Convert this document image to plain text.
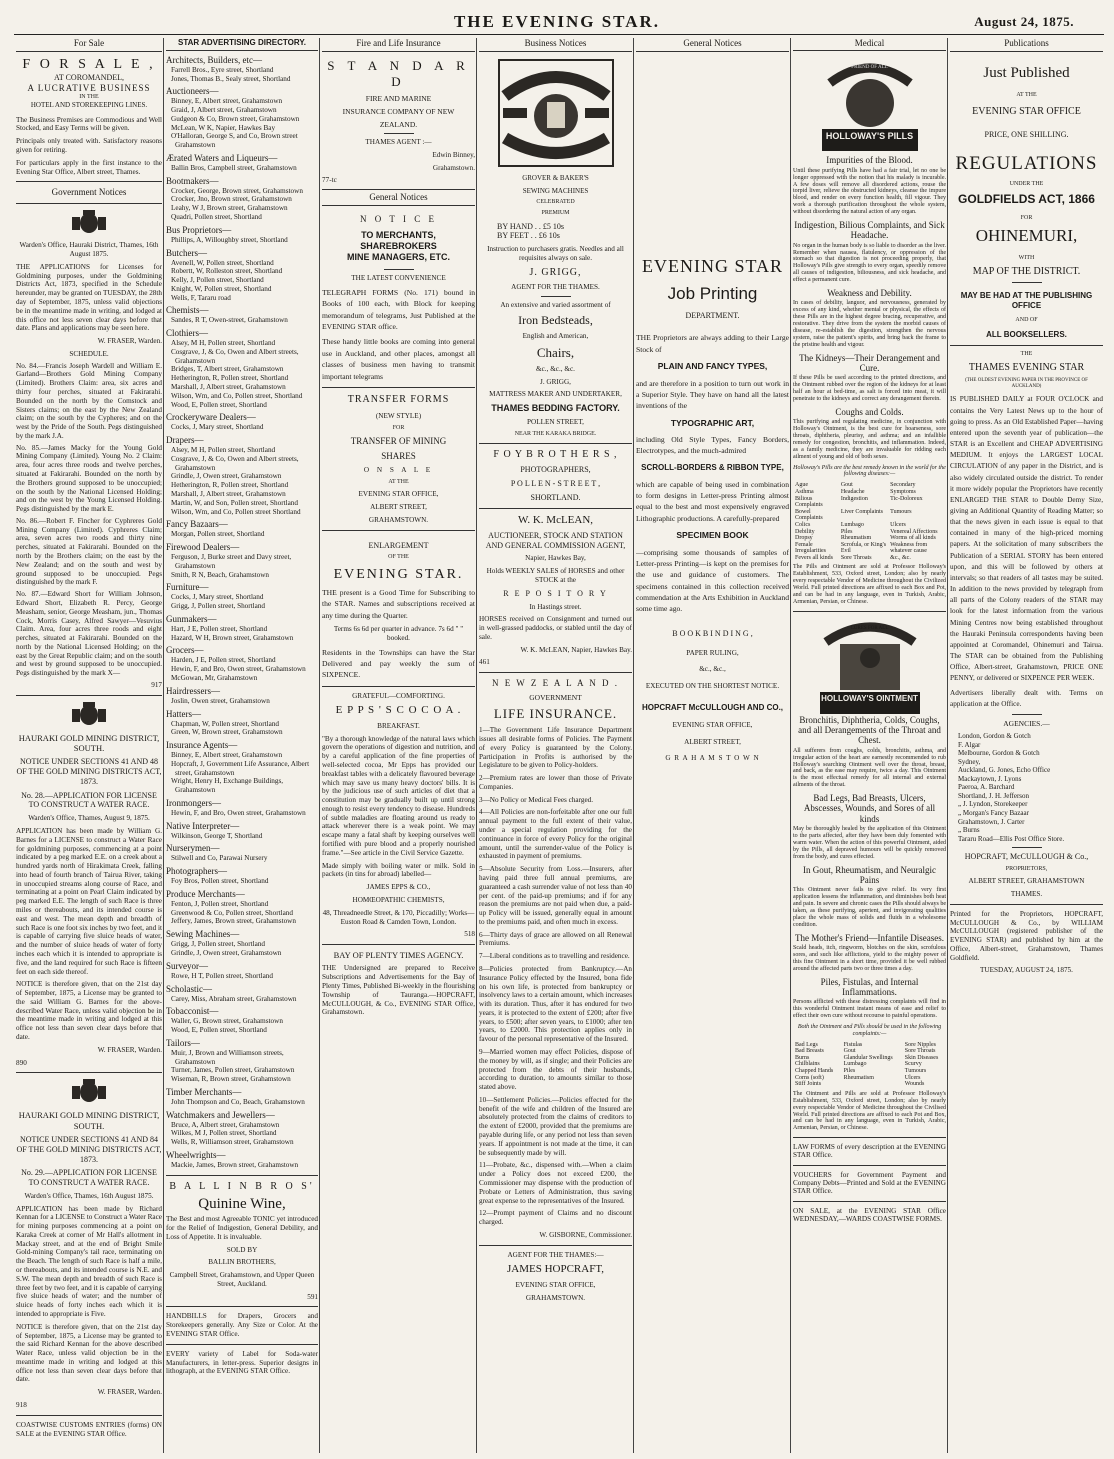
THE EVENING STAR.	August 24, 1875.
For Sale
F O R S A L E ,
AT COROMANDEL,
A LUCRATIVE BUSINESS
IN THE
HOTEL AND STOREKEEPING LINES.

The Business Premises are Commodious and Well Stocked, and Easy Terms will be given.

Principals only treated with. Satisfactory reasons given for retiring.

For particulars apply in the first instance to the Evening Star Office, Albert street, Thames.

Government Notices

Warden's Office, Hauraki District, Thames, 16th August 1875.

THE APPLICATIONS for Licenses for Goldmining purposes, under the Goldmining Districts Act, 1873, specified in the Schedule hereunder, may be granted on TUESDAY, the 28th day of September, 1875, unless valid objections be in the meantime made in writing, and lodged at this office not less seven clear days before that date. Plans and applications may be seen here.

W. FRASER, Warden.

SCHEDULE.

No. 84.—Francis Joseph Wardell and William E. Garland—Brothers Gold Mining Company (Limited). Brothers Claim: area, six acres and thirty four perches, situated at Fakirarahi. Bounded on the north by the Comstock and Sisters claims; on the east by the New Zealand claim; on the south by the Cypheres; and on the west by the Pride of the South. Pegs distinguished by the mark J.A.

No. 85.—James Macky for the Young Gold Mining Company (Limited). Young No. 2 Claim: area, four acres three roods and twelve perches, situated at Fakirarahi. Bounded on the north by the Brothers ground supposed to be unoccupied; on the south by the National Licensed Holding; and on the west by the Young Licensed Holding. Pegs distinguished by the mark E.

No. 86.—Robert F. Fincher for Cyphreres Gold Mining Company (Limited). Cyphreres Claim; area, seven acres two roods and thirty nine perches, situated at Fakirarahi. Bounded on the north by the Brothers claim; on the east by the New Zealand; and on the south and west by ground supposed to be unoccupied. Pegs distinguished by the mark F.

No. 87.—Edward Short for William Johnson, Edward Short, Elizabeth R. Percy, George Measham, senior, George Measham, jun., Thomas Cock, Morris Casey, Alfred Sawyer—Vesuvius Claim. Area, four acres three roods and eight perches, situated at Fakirarahi. Bounded on the north by the National Licensed Holding; on the east by the Great Republic claim; and on the south and west by ground supposed to be unoccupied. Pegs distinguished by the mark X—

917

HAURAKI GOLD MINING DISTRICT, SOUTH.

NOTICE UNDER SECTIONS 41 AND 48 OF THE GOLD MINING DISTRICTS ACT, 1873.

No. 28.—APPLICATION FOR LICENSE TO CONSTRUCT A WATER RACE.

Warden's Office, Thames, August 9, 1875.

APPLICATION has been made by William G. Barnes for a LICENSE to construct a Water Race for goldmining purposes, commencing at a point indicated by a peg marked E.E. on a creek about a hundred yards north of Hirakimata Creek, falling into head of fourth branch of Tairua River, taking in unoccupied streams along course of Race, and terminating at a point on Pearl Claim indicated by peg marked E.E. The length of such Race is three miles or thereabouts, and its intended course is east and west. The mean depth and breadth of such Race is one foot six inches by two feet, and it is capable of carrying five sluice heads of water, and the number of sluice heads of water of forty inches each which it is intended to appropriate is five, and the land required for such Race is fifteen feet on each side thereof.

NOTICE is therefore given, that on the 21st day of September, 1875, a License may be granted to the said William G. Barnes for the above-described Water Race, unless valid objection be in the meantime made in writing and lodged at this office not less than seven clear days before that date.

W. FRASER, Warden.

890

HAURAKI GOLD MINING DISTRICT, SOUTH.

NOTICE UNDER SECTIONS 41 AND 84 OF THE GOLD MINING DISTRICTS ACT, 1873.

No. 29.—APPLICATION FOR LICENSE TO CONSTRUCT A WATER RACE.

Warden's Office, Thames, 16th August 1875.

APPLICATION has been made by Richard Kennan for a LICENSE to Construct a Water Race for mining purposes commencing at a point on Karaka Creek at corner of Mr Hall's allotment in Mackay street, and at the end of Bright Smile Gold-mining Company's tail race, terminating on the Beach. The length of such Race is half a mile, or thereabouts, and its intended course is N.E. and S.W. The mean depth and breadth of such Race is three feet by two feet, and it is capable of carrying five sluice heads of water; and the number of sluice heads of forty inches each which it is intended to appropriate is Five.

NOTICE is therefore given, that on the 21st day of September, 1875, a License may be granted to the said Richard Kennan for the above described Water Race, unless valid objection be in the meantime made in writing and lodged at this office not less than seven clear days before that date.

W. FRASER, Warden.

918

COASTWISE CUSTOMS ENTRIES (forms) ON SALE at the EVENING STAR Office.

STAR ADVERTISING DIRECTORY.
Architects, Builders, etc—
Farrell Bros., Eyre street, Shortland
Jones, Thomas B., Sealy street, Shortland
Auctioneers—
Binney, E, Albert street, Grahamstown
Graid, J, Albert street, Grahamstown
Gudgeon & Co, Brown street, Grahamstown
McLean, W K, Napier, Hawkes Bay
O'Halloran, George S, and Co, Brown street Grahamstown
Ærated Waters and Liqueurs—
Ballin Bros, Campbell street, Grahamstown
Bootmakers—
Crocker, George, Brown street, Grahamstown
Crocker, Jno, Brown street, Grahamstown
Leahy, W J, Brown street, Grahamstown
Quadri, Pollen street, Shortland
Bus Proprietors—
Phillips, A, Willoughby street, Shortland
Butchers—
Avenell, W, Pollen street, Shortland
Robertt, W, Rolleston street, Shortland
Kelly, J, Pollen street, Shortland
Knight, W, Pollen street, Shortland
Wells, F, Tararu road
Chemists—
Sandes, R T, Owen-street, Grahamstown
Clothiers—
Alsey, M H, Pollen street, Shortland
Cosgrave, J, & Co, Owen and Albert streets, Grahamstown
Bridges, T, Albert street, Grahamstown
Hetherington, R, Pollen street, Shortland
Marshall, J, Albert street, Grahamstown
Wilson, Wm, and Co, Pollen street, Shortland
Wood, E, Pollen street, Shortland
Crockeryware Dealers—
Cocks, J, Mary street, Shortland
Drapers—
Alsey, M H, Pollen street, Shortland
Cosgrave, J, & Co, Owen and Albert streets, Grahamstown
Grindle, J, Owen street, Grahamstown
Hetherington, R, Pollen street, Shortland
Marshall, J, Albert street, Grahamstown
Martin, W, and Son, Pollen street, Shortland
Wilson, Wm, and Co, Pollen street Shortland
Fancy Bazaars—
Morgan, Pollen street, Shortland
Firewood Dealers—
Ferguson, J, Burke street and Davy street, Grahamstown
Smith, R N, Beach, Grahamstown
Furniture—
Cocks, J, Mary street, Shortland
Grigg, J, Pollen street, Shortland
Gunmakers—
Hart, J E, Pollen street, Shortland
Hazard, W H, Brown street, Grahamstown
Grocers—
Harden, J E, Pollen street, Shortland
Hewin, F, and Bro, Owen street, Grahamstown
McGowan, Mr, Grahamstown
Hairdressers—
Joslin, Owen street, Grahamstown
Hatters—
Chapman, W, Pollen street, Shortland
Green, W, Brown street, Grahamstown
Insurance Agents—
Binney, E, Albert street, Grahamstown
Hopcraft, J, Government Life Assurance, Albert street, Grahamstown
Wright, Henry H, Exchange Buildings, Grahamstown
Ironmongers—
Hewin, F, and Bro, Owen street, Grahamstown
Native Interpreter—
Wilkinson, George T, Shortland
Nurserymen—
Stilwell and Co, Parawai Nursery
Photographers—
Foy Bros, Pollen street, Shortland
Produce Merchants—
Fenton, J, Pollen street, Shortland
Greenwood & Co, Pollen street, Shortland
Jeffery, James, Brown street, Grahamstown
Sewing Machines—
Grigg, J, Pollen street, Shortland
Grindle, J, Owen street, Grahamstown
Surveyor—
Rowe, H T, Pollen street, Shortland
Scholastic—
Carey, Miss, Abraham street, Grahamstown
Tobacconist—
Waller, G, Brown street, Grahamstown
Wood, E, Pollen street, Shortland
Tailors—
Muir, J, Brown and Williamson streets, Grahamstown
Turner, James, Pollen street, Grahamstown
Wiseman, R, Brown street, Grahamstown
Timber Merchants—
John Thompson and Co, Beach, Grahamstown
Watchmakers and Jewellers—
Bruce, A, Albert street, Grahamstown
Wilkes, M J, Pollen street, Shortland
Wells, R, Williamson street, Grahamstown
Wheelwrights—
Mackie, James, Brown street, Grahamstown
B A L L I N B R O S'
Quinine Wine,

The Best and most Agreeable TONIC yet introduced for the Relief of Indigestion, General Debility, and Loss of Appetite. It is invaluable.

SOLD BY

BALLIN BROTHERS,

Campbell Street, Grahamstown, and Upper Queen Street, Auckland.

591

HANDBILLS for Drapers, Grocers and Storekeepers generally. Any Size or Color. At the EVENING STAR Office.

EVERY variety of Label for Soda-water Manufacturers, in letter-press. Superior designs in lithograph, at the EVENING STAR Office.

Fire and Life Insurance
S T A N D A R D

FIRE AND MARINE

INSURANCE COMPANY OF NEW

ZEALAND.

THAMES AGENT :—

Edwin Binney,

Grahamstown.

77-tc

General Notices
N O T I C E
TO MERCHANTS, SHAREBROKERS
MINE MANAGERS, ETC.

THE LATEST CONVENIENCE

TELEGRAPH FORMS (No. 171) bound in Books of 100 each, with Block for keeping memorandum of telegrams, Just Published at the EVENING STAR office.

These handy little books are coming into general use in Auckland, and other places, amongst all classes of business men having to transmit important telegrams

TRANSFER FORMS

(NEW STYLE)

FOR

TRANSFER OF MINING

SHARES

O N S A L E

AT THE

EVENING STAR OFFICE,

ALBERT STREET,

GRAHAMSTOWN.

ENLARGEMENT

OF THE

EVENING STAR.

THE present is a Good Time for Subscribing to the STAR. Names and subscriptions received at any time during the Quarter.

Terms 6s 6d per quarter in advance. 7s 6d " " booked.

Residents in the Townships can have the Star Delivered and pay weekly the sum of SIXPENCE.

GRATEFUL—COMFORTING.

E P P S ' S C O C O A .

BREAKFAST.

"By a thorough knowledge of the natural laws which govern the operations of digestion and nutrition, and by a careful application of the fine properties of well-selected cocoa, Mr Epps has provided our breakfast tables with a delicately flavoured beverage which may save us many heavy doctors' bills. It is by the judicious use of such articles of diet that a constitution may be gradually built up until strong enough to resist every tendency to disease. Hundreds of subtle maladies are floating around us ready to attack wherever there is a weak point. We may escape many a fatal shaft by keeping ourselves well fortified with pure blood and a properly nourished frame."—See article in the Civil Service Gazette.

Made simply with boiling water or milk. Sold in packets (in tins for abroad) labelled—

JAMES EPPS & CO.,

HOMŒOPATHIC CHEMISTS,

48, Threadneedle Street, & 170, Piccadilly; Works—Euston Road & Camden Town, London.

518

BAY OF PLENTY TIMES AGENCY.

THE Undersigned are prepared to Receive Subscriptions and Advertisements for the Bay of Plenty Times, Published Bi-weekly in the flourishing Township of Tauranga.—HOPCRAFT, McCULLOUGH, & Co., EVENING STAR Office, Grahamstown.

Business Notices

GROVER & BAKER'S

SEWING MACHINES

CELEBRATED

PREMIUM

BY HAND . . £5 10s

BY FEET . . £6 10s

Instruction to purchasers gratis. Needles and all requisites always on sale.

J. GRIGG,

AGENT FOR THE THAMES.

An extensive and varied assortment of

Iron Bedsteads,

English and American,

Chairs,

&c., &c., &c.

J. GRIGG,

MATTRESS MAKER AND UNDERTAKER,

THAMES BEDDING FACTORY.

POLLEN STREET,

NEAR THE KARAKA BRIDGE.

F O Y B R O T H E R S ,

PHOTOGRAPHERS,

P O L L E N - S T R E E T ,

SHORTLAND.

W. K. McLEAN,

AUCTIONEER, STOCK AND STATION AND GENERAL COMMISSION AGENT,

Napier, Hawkes Bay,

Holds WEEKLY SALES of HORSES and other STOCK at the

R E P O S I T O R Y

In Hastings street.

HORSES received on Consignment and turned out in well-grassed paddocks, or stabled until the day of sale.

W. K. McLEAN, Napier, Hawkes Bay.

461

N E W Z E A L A N D .

GOVERNMENT

LIFE INSURANCE.

1—The Government Life Insurance Department issues all desirable forms of Policies. The Payment of every Policy is guaranteed by the Colony. Participation in Profits is authorised by the Legislature to be given to Policy-holders.

2—Premium rates are lower than those of Private Companies.

3—No Policy or Medical Fees charged.

4—All Policies are non-forfeitable after one our full annual payment to the full extent of their value, under a special regulation providing for the continuance in force of every Policy for the original amount, until the surrender-value of the Policy is exhausted in payment of premiums.

5—Absolute Security from Loss.—Insurers, after having paid three full annual premiums, are guaranteed a cash surrender value of not less than 40 per cent. of the paid-up premiums; and if for any reason the premiums are not paid when due, a paid-up Policy will be issued, generally equal in amount to the premiums paid, and often much in excess.

6—Thirty days of grace are allowed on all Renewal Premiums.

7—Liberal conditions as to travelling and residence.

8—Policies protected from Bankruptcy.—An Insurance Policy effected by the Insured, bona fide on his own life, is protected from bankruptcy or insolvency laws to a certain amount, which increases with its duration. Thus, after it has endured for two years, it is protected to the extent of £200; after five years, to £500; after seven years, to £1000; after ten years, to £2000. This protection applies only in favour of the personal representative of the Insured.

9—Married women may effect Policies, dispose of the money by will, as if single; and their Policies are protected from the debts of their husbands, according to duration, to amounts similar to those stated above.

10—Settlement Policies.—Policies effected for the benefit of the wife and children of the Insured are absolutely protected from the claims of creditors to the extent of £2000, provided that the premiums are payable during life, or any period not less than seven years. If appointment is not made at the time, it can be subsequently made by will.

11—Probate, &c., dispensed with.—When a claim under a Policy does not exceed £200, the Commissioner may dispense with the production of Probate or Letters of Administration, thus saving great expense to the representatives of the Insured.

12—Prompt payment of Claims and no discount charged.

W. GISBORNE, Commissioner.

AGENT FOR THE THAMES:—

JAMES HOPCRAFT,

EVENING STAR OFFICE,

GRAHAMSTOWN.

General Notices
EVENING STAR
Job Printing
DEPARTMENT.

THE Proprietors are always adding to their Large Stock of

PLAIN AND FANCY TYPES,

and are therefore in a position to turn out work in a Superior Style. They have on hand all the latest inventions of the

TYPOGRAPHIC ART,

including Old Style Types, Fancy Borders, Electrotypes, and the much-admired

SCROLL-BORDERS & RIBBON TYPE,

which are capable of being used in combination to form designs in Letter-press Printing almost equal to the best and most expensively engraved Lithographic productions. A carefully-prepared

SPECIMEN BOOK

—comprising some thousands of samples of Letter-press Printing—is kept on the premises for the use and guidance of customers. The specimens contained in this collection received commendation at the Arts Exhibition in Auckland some time ago.

B O O K B I N D I N G ,

PAPER RULING,

&c., &c.,

EXECUTED ON THE SHORTEST NOTICE.

HOPCRAFT McCULLOUGH AND CO.,

EVENING STAR OFFICE,

ALBERT STREET,

G R A H A M S T O W N

Medical

FRIEND OF ALL

HOLLOWAY'S PILLS

Impurities of the Blood.

Until these purifying Pills have had a fair trial, let no one be longer oppressed with the notion that his malady is incurable. A few doses will remove all disordered actions, rouse the torpid liver, relieve the obstructed kidneys, cleanse the impure blood, and render on every function health, fill vigour. They work a thorough purification throughout the whole system, without disordering the natural action of any organ.

Indigestion, Bilious Complaints, and Sick Headache.

No organ in the human body is so liable to disorder as the liver. Remember when nausea, flatulency, or oppression of the stomach so that digestion is not proceeding properly, that Holloway's Pills give strength to every organ, speedily remove all causes of indigestion, biliousness, and sick headache, and effect a permanent cure.

Weakness and Debility.

In cases of debility, languor, and nervousness, generated by excess of any kind, whether mental or physical, the effects of these Pills are in the highest degree bracing, recuperative, and restorative. They drive from the system the morbid causes of disease, re-establish the digestion, strengthen the nervous system, raise the patient's spirits, and bring back the frame to the pristine health and vigour.

The Kidneys—Their Derangement and Cure.

If these Pills be used according to the printed directions, and the Ointment rubbed over the region of the kidneys for at least half an hour at bed-time, as salt is forced into meat, it will penetrate to the kidneys and correct any derangement therein.

Coughs and Colds.

This purifying and regulating medicine, in conjunction with Holloway's Ointment, is the best cure for hoarseness, sore throats, diphtheria, pleurisy, and asthma; and an infallible remedy for congestion, bronchitis, and inflammation. Indeed, as a family medicine, they are invaluable for ridding each ailment of young and old of both sexes.

Holloway's Pills are the best remedy known in the world for the following diseases:—

Ague	Gout	Secondary
Asthma	Headache	Symptoms
Bilious Complaints	Indigestion	Tic-Doloreux
Bowel Complaints	Liver Complaints	Tumours
Colics	Lumbago	Ulcers
Debility	Piles	Venereal Affections
Dropsy	Rheumatism	Worms of all kinds
Female Irregularities	Scrofula, or King's Evil	Weakness from whatever cause
Fevers all kinds	Sore Throats	&c., &c.

The Pills and Ointment are sold at Professor Holloway's Establishment, 533, Oxford street, London; also by nearly every respectable Vendor of Medicine throughout the Civilized World. Full printed directions are affixed to each Box and Pot, and can be had in any language, even in Turkish, Arabic, Armenian, Persian, or Chinese.

CURES FOR ALL

HOLLOWAY'S OINTMENT

Bronchitis, Diphtheria, Colds, Coughs, and all Derangements of the Throat and Chest.

All sufferers from coughs, colds, bronchitis, asthma, and irregular action of the heart are earnestly recommended to rub Holloway's searching Ointment well over the throat, breast, and back, as the ease may require, twice a day. This Ointment is the most effectual remedy for all internal and external ailments of the throat.

Bad Legs, Bad Breasts, Ulcers, Abscesses, Wounds, and Sores of all kinds

May be thoroughly healed by the application of this Ointment to the parts affected, after they have been duly fomented with warm water. When the action of this powerful Ointment, aided by the Pills, all depraved humours will be quickly removed from the body, and cures effected.

In Gout, Rheumatism, and Neuralgic Pains

This Ointment never fails to give relief. Its very first application lessens the inflammation, and diminishes both heat and pain. In severe and chronic cases the Pills should always be taken, as these purifying, aperient, and invigorating qualities place the whole mass of solids and fluids in a wholesome condition.

The Mother's Friend—Infantile Diseases.

Scald heads, itch, ringworm, blotches on the skin, scrofulous sores, and such like afflictions, yield to the mighty power of this fine Ointment in a short time, provided it be well rubbed around the affected parts two or three times a day.

Piles, Fistulas, and Internal Inflammations.

Persons afflicted with these distressing complaints will find in this wonderful Ointment instant means of ease and relief to effect their own cure without recourse to painful operations.

Both the Ointment and Pills should be used in the following complaints:—

Bad Legs	Fistulas	Sore Nipples
Bad Breasts	Gout	Sore Throats
Burns	Glandular Swellings	Skin Diseases
Chilblains	Lumbago	Scurvy
Chapped Hands	Piles	Tumours
Corns (soft)	Rheumatism	Ulcers
Stiff Joints		Wounds

The Ointment and Pills are sold at Professor Holloway's Establishment, 533, Oxford street, London; also by nearly every respectable Vendor of Medicine throughout the Civilised World. Full printed directions are affixed to each Pot and Box, and can be had in any language, even in Turkish, Arabic, Armenian, Persian, or Chinese.

LAW FORMS of every description at the EVENING STAR Office.

VOUCHERS for Government Payment and Company Debts—Printed and Sold at the EVENING STAR Office.

ON SALE, at the EVENING STAR Office WEDNESDAY,—WARDS COASTWISE FORMS.

Publications
Just Published

AT THE

EVENING STAR OFFICE

PRICE, ONE SHILLING.

REGULATIONS

UNDER THE

GOLDFIELDS ACT, 1866

FOR

OHINEMURI,

WITH

MAP OF THE DISTRICT.

MAY BE HAD AT THE PUBLISHING OFFICE

AND OF

ALL BOOKSELLERS.

THE

THAMES EVENING STAR

(THE OLDEST EVENING PAPER IN THE PROVINCE OF AUCKLAND)

IS PUBLISHED DAILY at FOUR O'CLOCK and contains the Very Latest News up to the hour of going to press. As an Old Established Paper—having entered upon the seventh year of publication—the STAR is an Excellent and CHEAP ADVERTISING MEDIUM. It enjoys the LARGEST LOCAL CIRCULATION of any paper in the District, and is also widely circulated outside the district. To render it more widely popular the Proprietors have recently ENLARGED THE STAR to Double Demy Size, giving an Additional Quantity of Reading Matter; so that the news given in each issue is equal to that contained in many of the high-priced morning papers. At the solicitation of many subscribers the Publication of a SERIAL STORY has been entered upon, and this will be followed by others at intervals; so that readers of all tastes may be suited. In addition to the news provided by telegraph from all parts of the Colony readers of the STAR may look for the latest information from the various Mining Centres now being established throughout the Hauraki Peninsula correspondents having been appointed at Coromandel, Ohinemuri and Tairua. The STAR can be obtained from the Publishing Office, Albert-street, Grahamstown, PRICE ONE PENNY, or delivered or SIXPENCE PER WEEK.

Advertisers liberally dealt with. Terms on application at the Office.

AGENCIES.—

London, Gordon & Gotch
F. Algar
Melbourne, Gordon & Gotch
Sydney,
Auckland, G. Jones, Echo Office
Mackaytown, J. Lyons
Paeroa, A. Barchard
Shortland, J. H. Jefferson
„ J. Lyndon, Storekeeper
„ Morgan's Fancy Bazaar
Grahamstown, J. Carter
„ Burns
Tararu Road—Ellis Post Office Store.

HOPCRAFT, McCULLOUGH & Co.,

PROPRIETORS,

ALBERT STREET, GRAHAMSTOWN

THAMES.

Printed for the Proprietors, HOPCRAFT, McCULLOUGH & Co., by WILLIAM McCULLOUGH (registered publisher of the EVENING STAR) and published by him at the Office, Albert-street, Grahamstown, Thames Goldfield.

TUESDAY, AUGUST 24, 1875.
